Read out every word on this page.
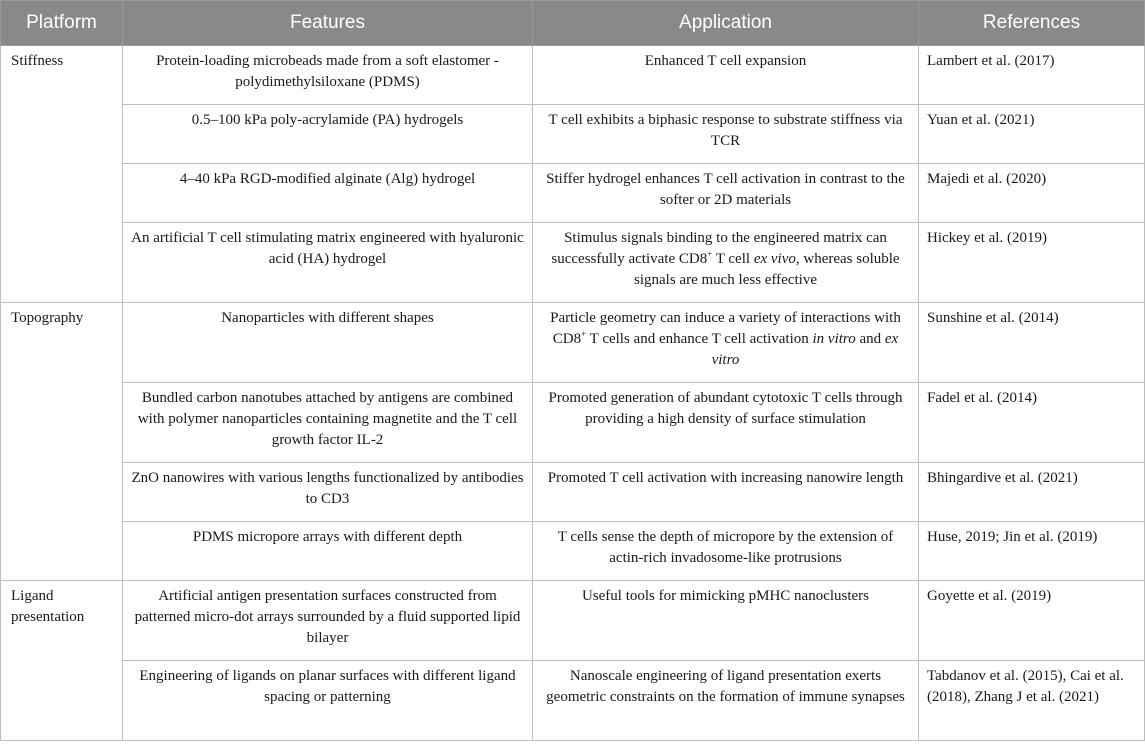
Platform	Features	Application	References
Stiffness	Protein-loading microbeads made from a soft elastomer - polydimethylsiloxane (PDMS)	Enhanced T cell expansion	Lambert et al. (2017)
	0.5–100 kPa poly-acrylamide (PA) hydrogels	T cell exhibits a biphasic response to substrate stiffness via TCR	Yuan et al. (2021)
	4–40 kPa RGD-modified alginate (Alg) hydrogel	Stiffer hydrogel enhances T cell activation in contrast to the softer or 2D materials	Majedi et al. (2020)
	An artificial T cell stimulating matrix engineered with hyaluronic acid (HA) hydrogel	Stimulus signals binding to the engineered matrix can successfully activate CD8+ T cell ex vivo, whereas soluble signals are much less effective	Hickey et al. (2019)
Topography	Nanoparticles with different shapes	Particle geometry can induce a variety of interactions with CD8+ T cells and enhance T cell activation in vitro and ex vitro	Sunshine et al. (2014)
	Bundled carbon nanotubes attached by antigens are combined with polymer nanoparticles containing magnetite and the T cell growth factor IL-2	Promoted generation of abundant cytotoxic T cells through providing a high density of surface stimulation	Fadel et al. (2014)
	ZnO nanowires with various lengths functionalized by antibodies to CD3	Promoted T cell activation with increasing nanowire length	Bhingardive et al. (2021)
	PDMS micropore arrays with different depth	T cells sense the depth of micropore by the extension of actin-rich invadosome-like protrusions	Huse, 2019; Jin et al. (2019)
Ligand presentation	Artificial antigen presentation surfaces constructed from patterned micro-dot arrays surrounded by a fluid supported lipid bilayer	Useful tools for mimicking pMHC nanoclusters	Goyette et al. (2019)
	Engineering of ligands on planar surfaces with different ligand spacing or patterning	Nanoscale engineering of ligand presentation exerts geometric constraints on the formation of immune synapses	Tabdanov et al. (2015), Cai et al. (2018), Zhang J et al. (2021)
